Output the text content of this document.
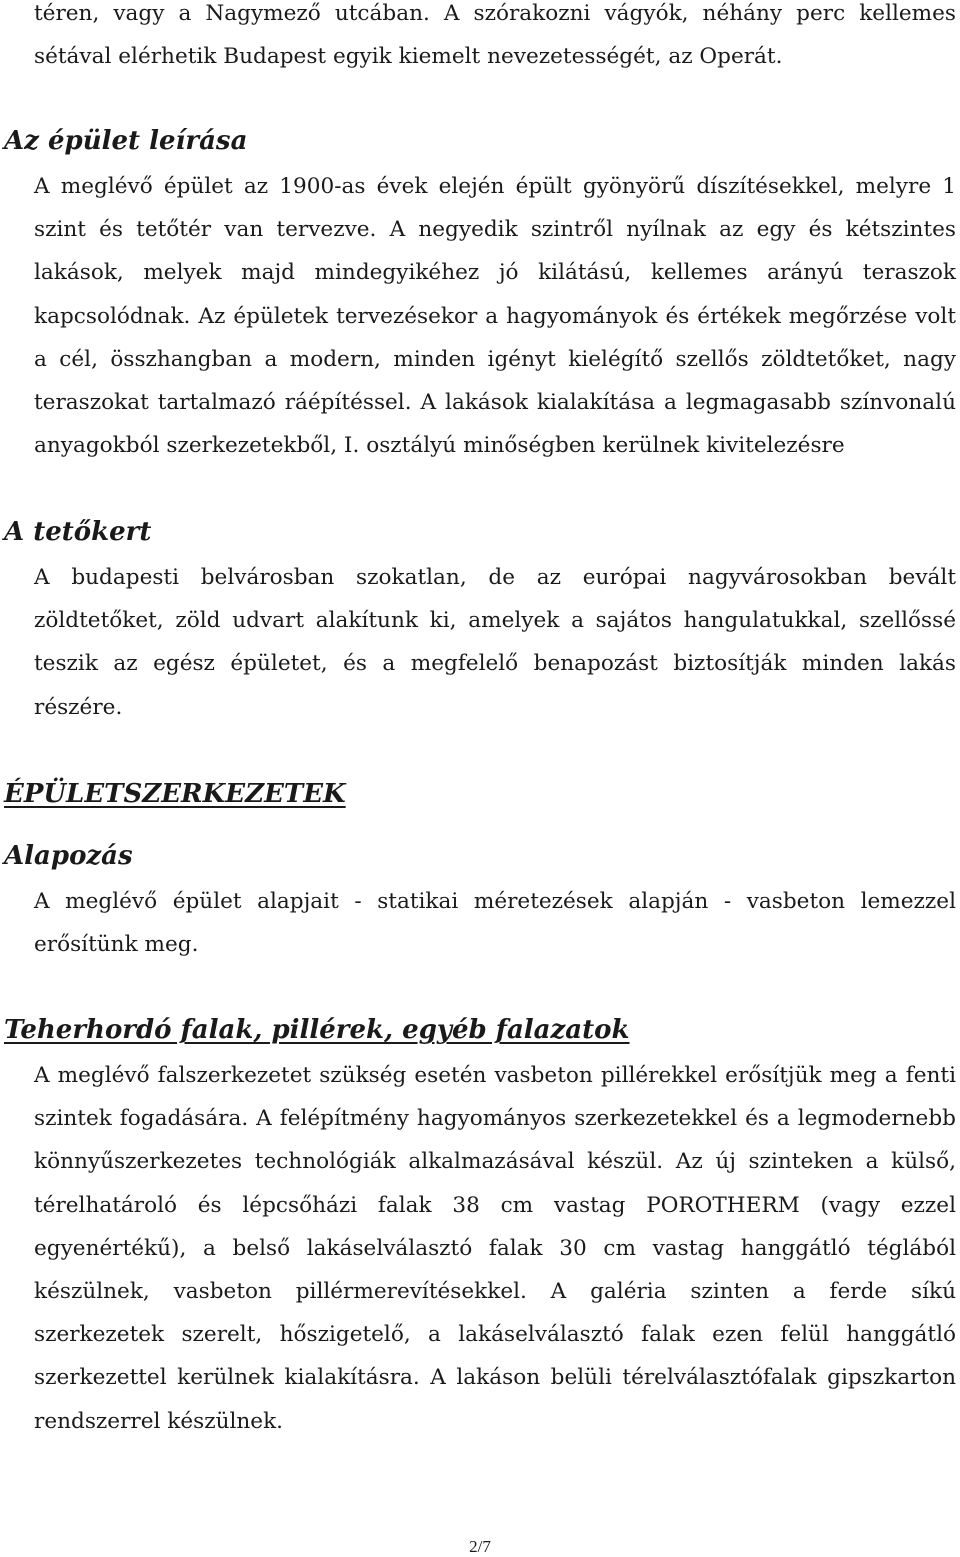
téren, vagy a Nagymező utcában. A szórakozni vágyók, néhány perc kellemes

sétával elérhetik Budapest egyik kiemelt nevezetességét, az Operát.

Az épület leírása

A meglévő épület az 1900-as évek elején épült gyönyörű díszítésekkel, melyre 1 szint és tetőtér van tervezve. A negyedik szintről nyílnak az egy és kétszintes lakások, melyek majd mindegyikéhez jó kilátású, kellemes arányú teraszok kapcsolódnak. Az épületek tervezésekor a hagyományok és értékek megőrzése volt a cél, összhangban a modern, minden igényt kielégítő szellős zöldtetőket, nagy teraszokat tartalmazó ráépítéssel. A lakások kialakítása a legmagasabb színvonalú anyagokból szerkezetekből, I. osztályú minőségben kerülnek kivitelezésre

A tetőkert

A budapesti belvárosban szokatlan, de az európai nagyvárosokban bevált zöldtetőket, zöld udvart alakítunk ki, amelyek a sajátos hangulatukkal, szellőssé teszik az egész épületet, és a megfelelő benapozást biztosítják minden lakás részére.

ÉPÜLETSZERKEZETEK
Alapozás

A meglévő épület alapjait - statikai méretezések alapján - vasbeton lemezzel erősítünk meg.

Teherhordó falak, pillérek, egyéb falazatok

A meglévő falszerkezetet szükség esetén vasbeton pillérekkel erősítjük meg a fenti szintek fogadására. A felépítmény hagyományos szerkezetekkel és a legmodernebb könnyűszerkezetes technológiák alkalmazásával készül. Az új szinteken a külső, térelhatároló és lépcsőházi falak 38 cm vastag POROTHERM (vagy ezzel egyenértékű), a belső lakáselválasztó falak 30 cm vastag hanggátló téglából készülnek, vasbeton pillérmerevítésekkel. A galéria szinten a ferde síkú szerkezetek szerelt, hőszigetelő, a lakáselválasztó falak ezen felül hanggátló szerkezettel kerülnek kialakításra. A lakáson belüli térelválasztófalak gipszkarton rendszerrel készülnek.

2/7
